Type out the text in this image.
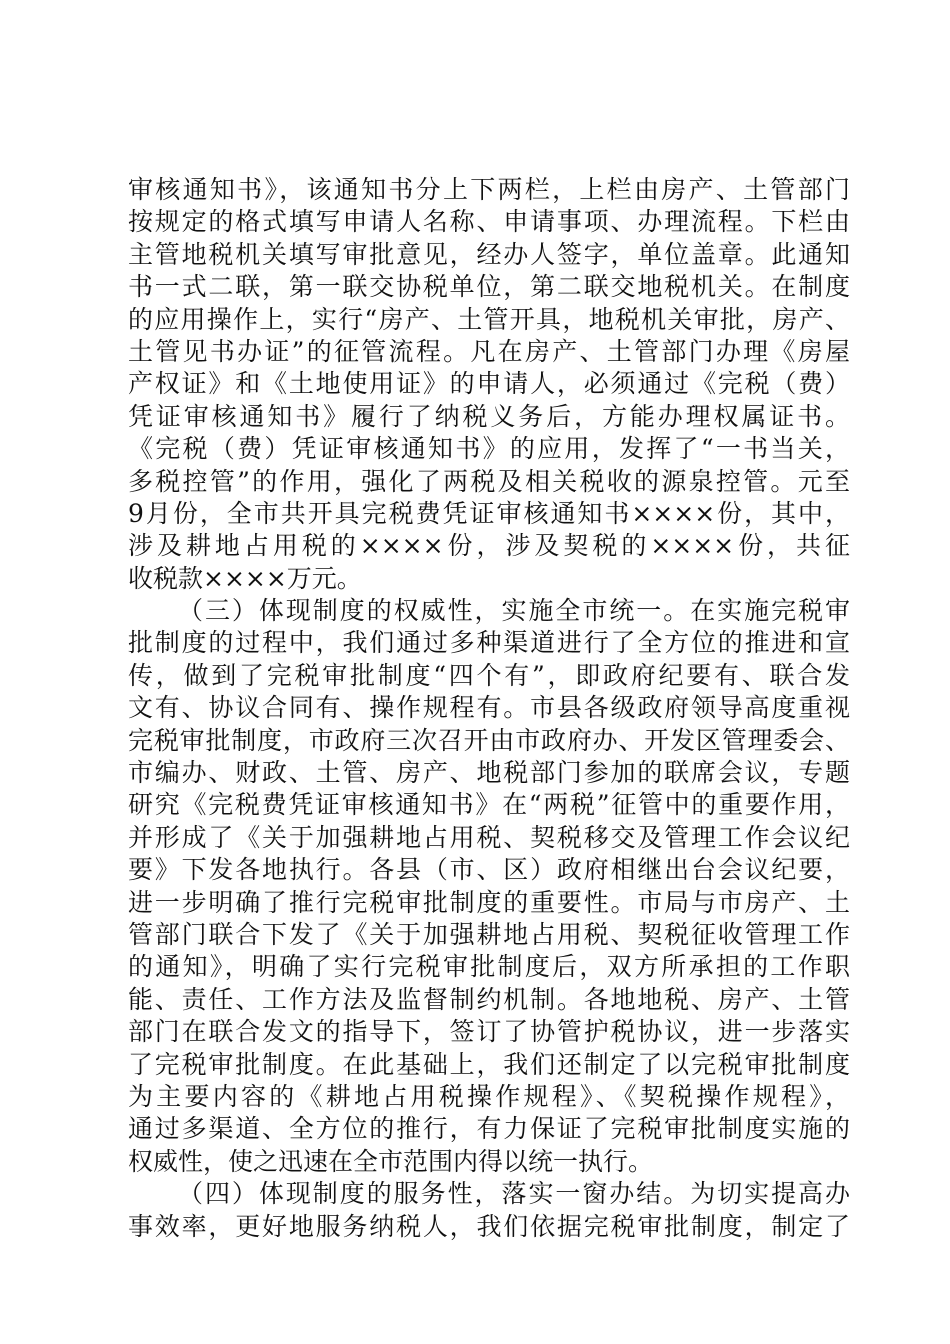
审核通知书》，该通知书分上下两栏，上栏由房产、土管部门
按规定的格式填写申请人名称、申请事项、办理流程。下栏由
主管地税机关填写审批意见，经办人签字，单位盖章。此通知
书一式二联，第一联交协税单位，第二联交地税机关。在制度
的应用操作上，实行“房产、土管开具，地税机关审批，房产、
土管见书办证”的征管流程。凡在房产、土管部门办理《房屋
产权证》和《土地使用证》的申请人，必须通过《完税（费）
凭证审核通知书》履行了纳税义务后，方能办理权属证书。
《完税（费）凭证审核通知书》的应用，发挥了“一书当关，
多税控管”的作用，强化了两税及相关税收的源泉控管。元至
9月份，全市共开具完税费凭证审核通知书××××份，其中，
涉及耕地占用税的××××份，涉及契税的××××份，共征
收税款××××万元。
（三）体现制度的权威性，实施全市统一。在实施完税审
批制度的过程中，我们通过多种渠道进行了全方位的推进和宣
传，做到了完税审批制度“四个有”，即政府纪要有、联合发
文有、协议合同有、操作规程有。市县各级政府领导高度重视
完税审批制度，市政府三次召开由市政府办、开发区管理委会、
市编办、财政、土管、房产、地税部门参加的联席会议，专题
研究《完税费凭证审核通知书》在“两税”征管中的重要作用，
并形成了《关于加强耕地占用税、契税移交及管理工作会议纪
要》下发各地执行。各县（市、区）政府相继出台会议纪要，
进一步明确了推行完税审批制度的重要性。市局与市房产、土
管部门联合下发了《关于加强耕地占用税、契税征收管理工作
的通知》，明确了实行完税审批制度后，双方所承担的工作职
能、责任、工作方法及监督制约机制。各地地税、房产、土管
部门在联合发文的指导下，签订了协管护税协议，进一步落实
了完税审批制度。在此基础上，我们还制定了以完税审批制度
为主要内容的《耕地占用税操作规程》、《契税操作规程》，
通过多渠道、全方位的推行，有力保证了完税审批制度实施的
权威性，使之迅速在全市范围内得以统一执行。
（四）体现制度的服务性，落实一窗办结。为切实提高办
事效率，更好地服务纳税人，我们依据完税审批制度，制定了
